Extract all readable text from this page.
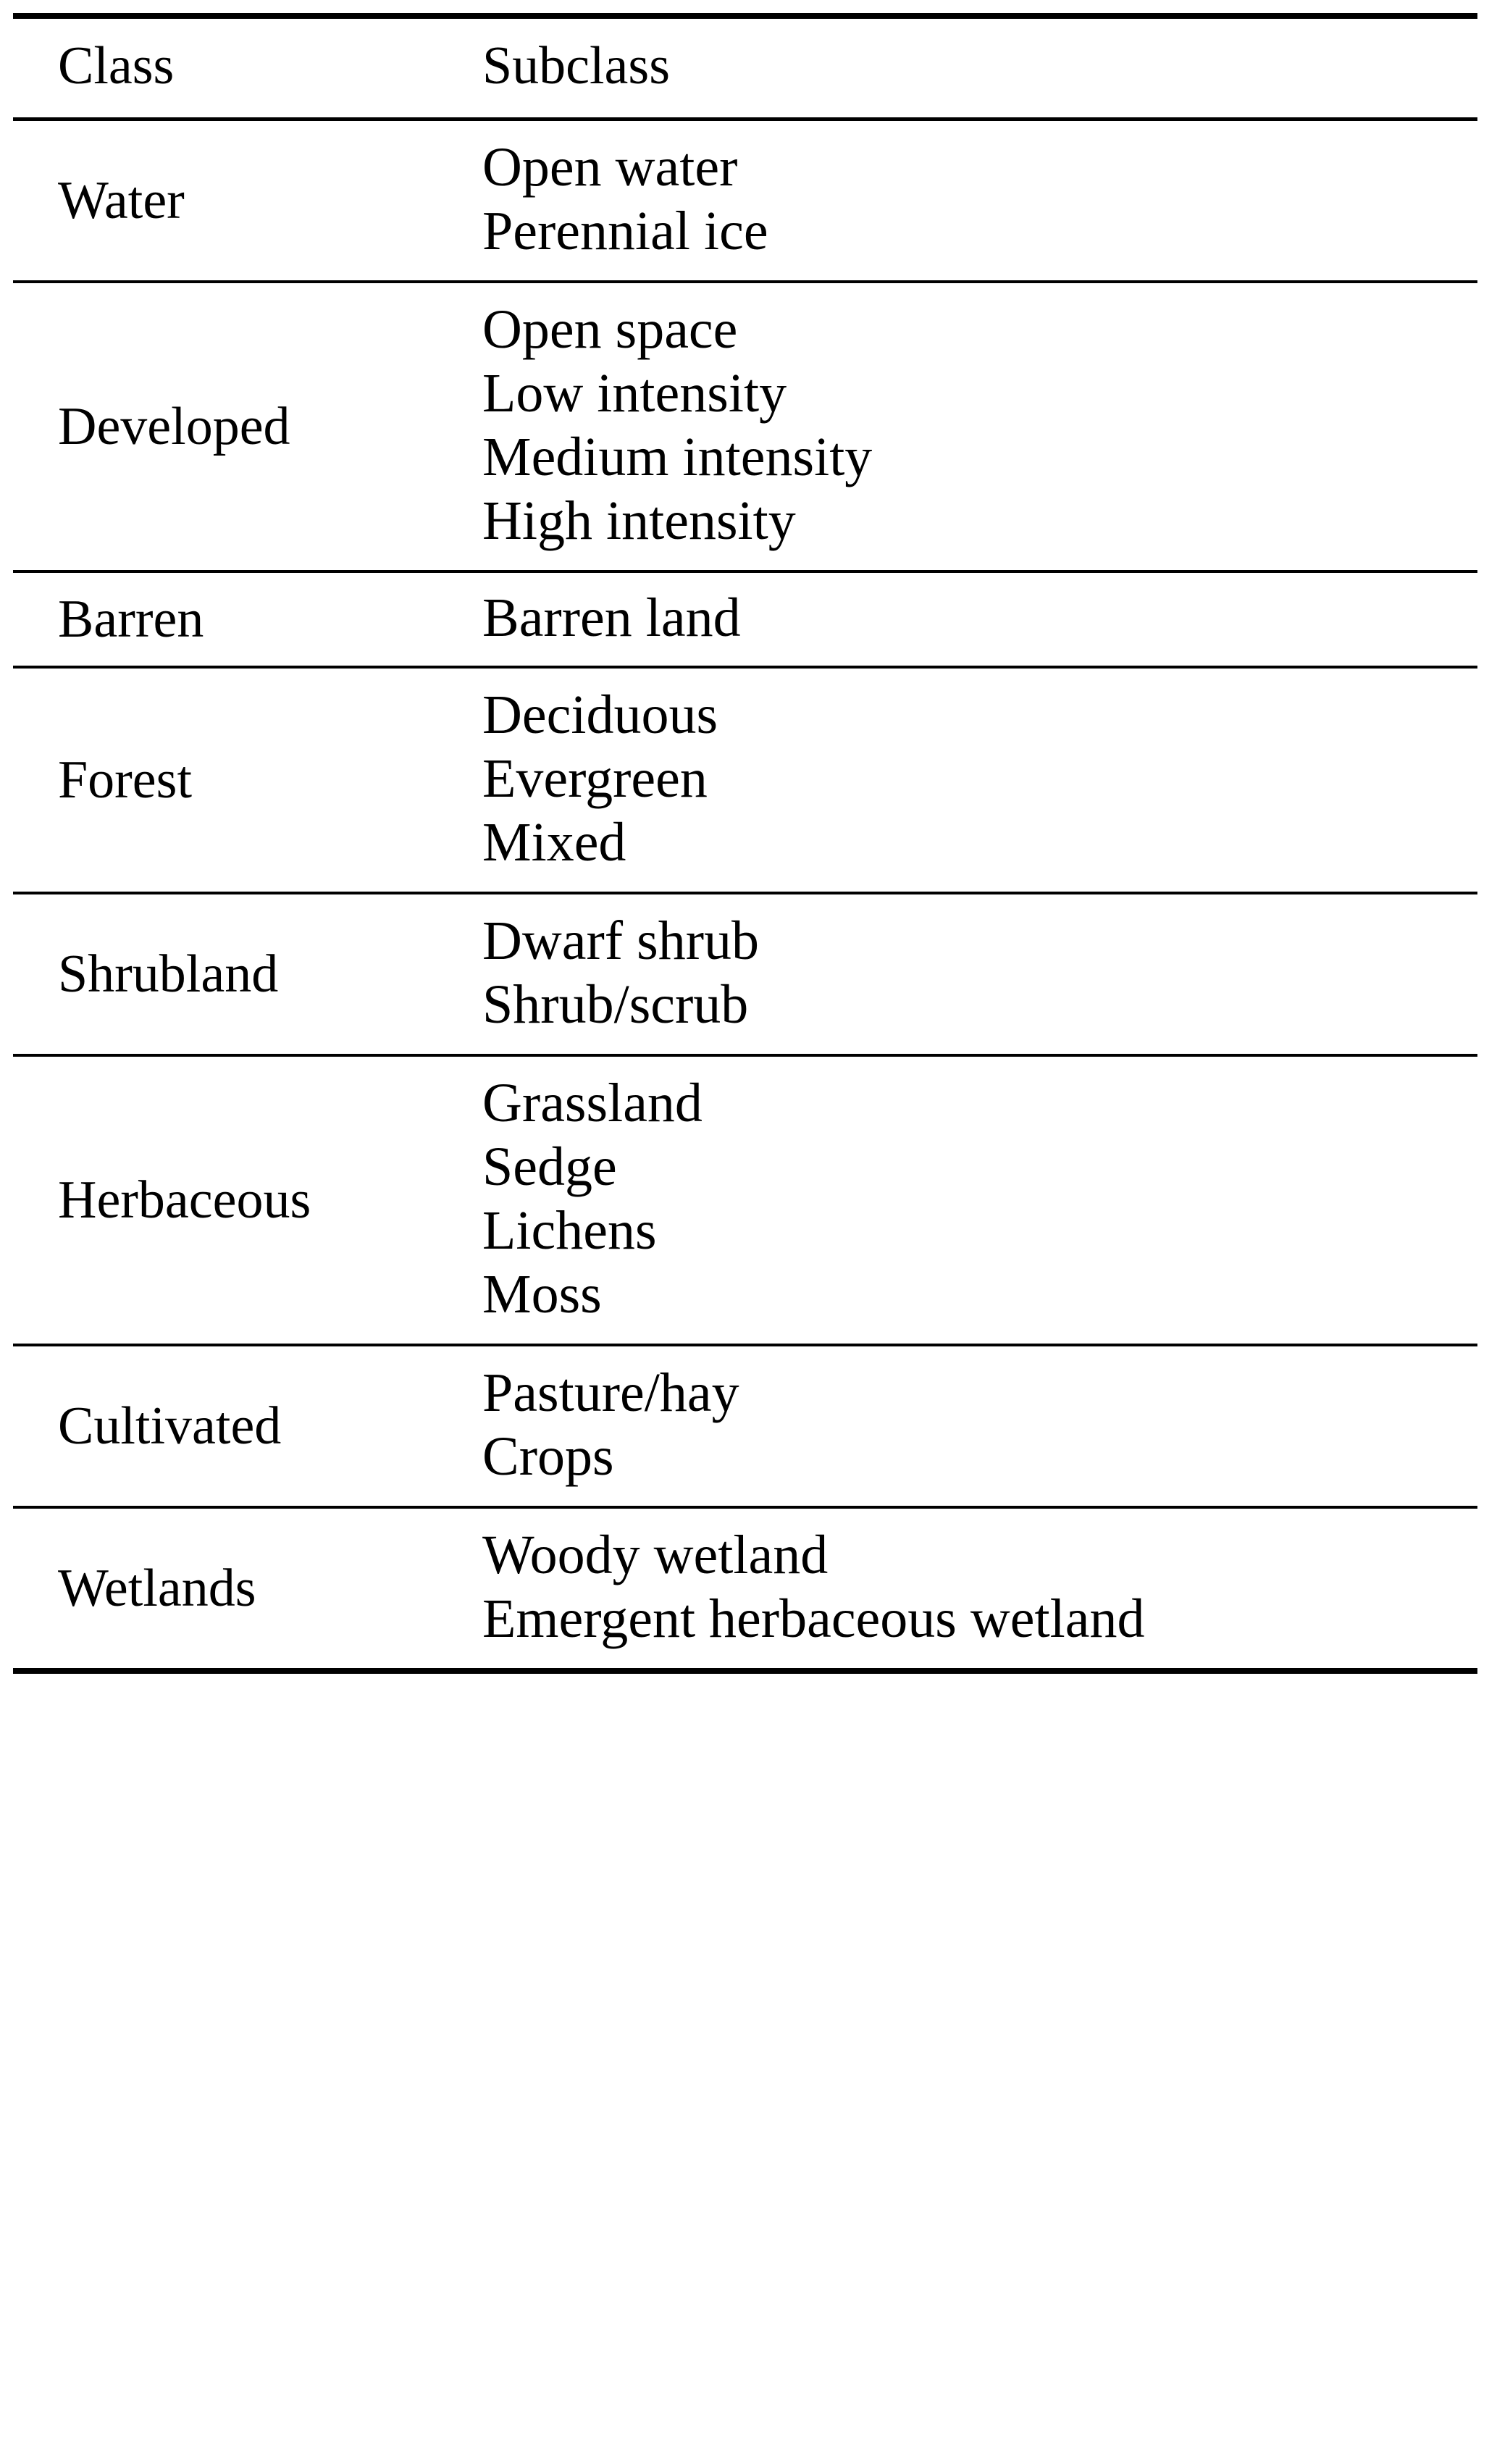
Class	Subclass
Water	Open water
Perennial ice

Developed	Open space
Low intensity
Medium intensity
High intensity

Barren	Barren land

Forest	Deciduous
Evergreen
Mixed

Shrubland	Dwarf shrub
Shrub/scrub

Herbaceous	Grassland
Sedge
Lichens
Moss

Cultivated	Pasture/hay
Crops

Wetlands	Woody wetland
Emergent herbaceous wetland
